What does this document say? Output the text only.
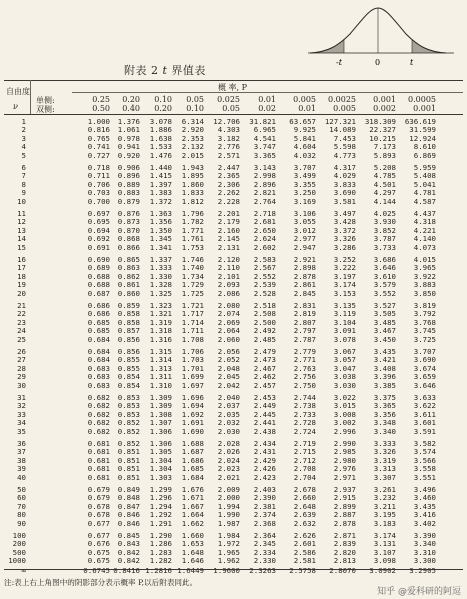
-t	0	t
附表 2 t 界值表
自由度
ν
概 率, P
单侧:
双侧:
0.25	0.20	0.10	0.05	0.025	0.01	0.005	0.0025	0.001	0.0005
0.50	0.40	0.20	0.10	0.05	0.02	0.01	0.005	0.002	0.001
1	1.000	1.376	3.078	6.314	12.706	31.821	63.657	127.321	318.309	636.619
2	0.816	1.061	1.886	2.920	4.303	6.965	9.925	14.089	22.327	31.599
3	0.765	0.978	1.638	2.353	3.182	4.541	5.841	7.453	10.215	12.924
4	0.741	0.941	1.533	2.132	2.776	3.747	4.604	5.598	7.173	8.610
5	0.727	0.920	1.476	2.015	2.571	3.365	4.032	4.773	5.893	6.869
6	0.718	0.906	1.440	1.943	2.447	3.143	3.707	4.317	5.208	5.959
7	0.711	0.896	1.415	1.895	2.365	2.998	3.499	4.029	4.785	5.408
8	0.706	0.889	1.397	1.860	2.306	2.896	3.355	3.833	4.501	5.041
9	0.703	0.883	1.383	1.833	2.262	2.821	3.250	3.690	4.297	4.781
10	0.700	0.879	1.372	1.812	2.228	2.764	3.169	3.581	4.144	4.587
11	0.697	0.876	1.363	1.796	2.201	2.718	3.106	3.497	4.025	4.437
12	0.695	0.873	1.356	1.782	2.179	2.681	3.055	3.428	3.930	4.318
13	0.694	0.870	1.350	1.771	2.160	2.650	3.012	3.372	3.852	4.221
14	0.692	0.868	1.345	1.761	2.145	2.624	2.977	3.326	3.787	4.140
15	0.691	0.866	1.341	1.753	2.131	2.602	2.947	3.286	3.733	4.073
16	0.690	0.865	1.337	1.746	2.120	2.583	2.921	3.252	3.686	4.015
17	0.689	0.863	1.333	1.740	2.110	2.567	2.898	3.222	3.646	3.965
18	0.688	0.862	1.330	1.734	2.101	2.552	2.878	3.197	3.610	3.922
19	0.688	0.861	1.328	1.729	2.093	2.539	2.861	3.174	3.579	3.883
20	0.687	0.860	1.325	1.725	2.086	2.528	2.845	3.153	3.552	3.850
21	0.686	0.859	1.323	1.721	2.080	2.518	2.831	3.135	3.527	3.819
22	0.686	0.858	1.321	1.717	2.074	2.508	2.819	3.119	3.505	3.792
23	0.685	0.858	1.319	1.714	2.069	2.500	2.807	3.104	3.485	3.768
24	0.685	0.857	1.318	1.711	2.064	2.492	2.797	3.091	3.467	3.745
25	0.684	0.856	1.316	1.708	2.060	2.485	2.787	3.078	3.450	3.725
26	0.684	0.856	1.315	1.706	2.056	2.479	2.779	3.067	3.435	3.707
27	0.684	0.855	1.314	1.703	2.052	2.473	2.771	3.057	3.421	3.690
28	0.683	0.855	1.313	1.701	2.048	2.467	2.763	3.047	3.408	3.674
29	0.683	0.854	1.311	1.699	2.045	2.462	2.756	3.038	3.396	3.659
30	0.683	0.854	1.310	1.697	2.042	2.457	2.750	3.030	3.385	3.646
31	0.682	0.853	1.309	1.696	2.040	2.453	2.744	3.022	3.375	3.633
32	0.682	0.853	1.309	1.694	2.037	2.449	2.738	3.015	3.365	3.622
33	0.682	0.853	1.308	1.692	2.035	2.445	2.733	3.008	3.356	3.611
34	0.682	0.852	1.307	1.691	2.032	2.441	2.728	3.002	3.348	3.601
35	0.682	0.852	1.306	1.690	2.030	2.438	2.724	2.996	3.340	3.591
36	0.681	0.852	1.306	1.688	2.028	2.434	2.719	2.990	3.333	3.582
37	0.681	0.851	1.305	1.687	2.026	2.431	2.715	2.985	3.326	3.574
38	0.681	0.851	1.304	1.686	2.024	2.429	2.712	2.980	3.319	3.566
39	0.681	0.851	1.304	1.685	2.023	2.426	2.708	2.976	3.313	3.558
40	0.681	0.851	1.303	1.684	2.021	2.423	2.704	2.971	3.307	3.551
50	0.679	0.849	1.299	1.676	2.009	2.403	2.678	2.937	3.261	3.496
60	0.679	0.848	1.296	1.671	2.000	2.390	2.660	2.915	3.232	3.460
70	0.678	0.847	1.294	1.667	1.994	2.381	2.648	2.899	3.211	3.435
80	0.678	0.846	1.292	1.664	1.990	2.374	2.639	2.887	3.195	3.416
90	0.677	0.846	1.291	1.662	1.987	2.368	2.632	2.878	3.183	3.402
100	0.677	0.845	1.290	1.660	1.984	2.364	2.626	2.871	3.174	3.390
200	0.676	0.843	1.286	1.653	1.972	2.345	2.601	2.839	3.131	3.340
500	0.675	0.842	1.283	1.648	1.965	2.334	2.586	2.820	3.107	3.310
1000	0.675	0.842	1.282	1.646	1.962	2.330	2.581	2.813	3.098	3.300
∞	0.6745 0.8416 1.2816 1.6449	1.9600	2.3263	2.5758	2.8070	3.0902	3.2905
注:表上右上角图中的阴影部分表示概率 P,以后附表同此。
知乎 @爱科研的阿逗
